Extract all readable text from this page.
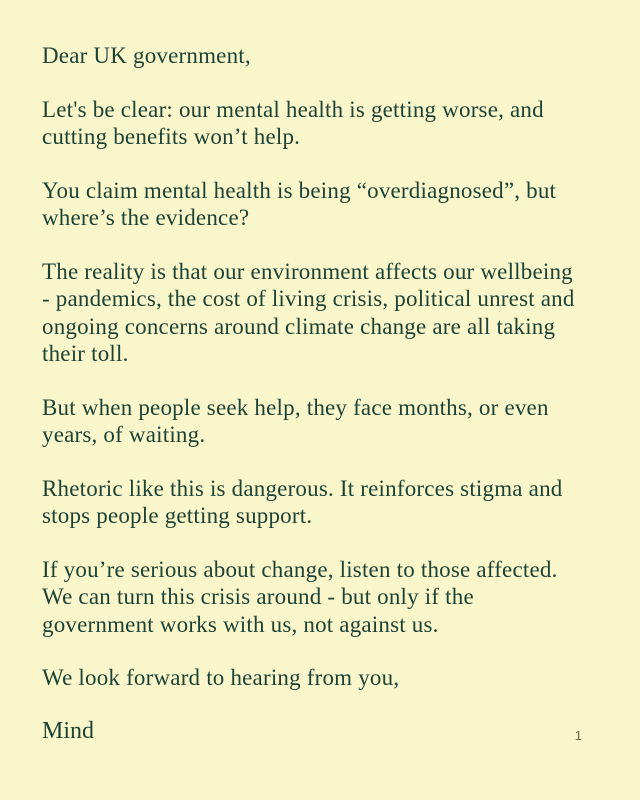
Dear UK government,
Let's be clear: our mental health is getting worse, and
cutting benefits won’t help.
You claim mental health is being “overdiagnosed”, but
where’s the evidence?
The reality is that our environment affects our wellbeing
- pandemics, the cost of living crisis, political unrest and
ongoing concerns around climate change are all taking
their toll.
But when people seek help, they face months, or even
years, of waiting.
Rhetoric like this is dangerous. It reinforces stigma and
stops people getting support.
If you’re serious about change, listen to those affected.
We can turn this crisis around - but only if the
government works with us, not against us.
We look forward to hearing from you,
Mind	1
